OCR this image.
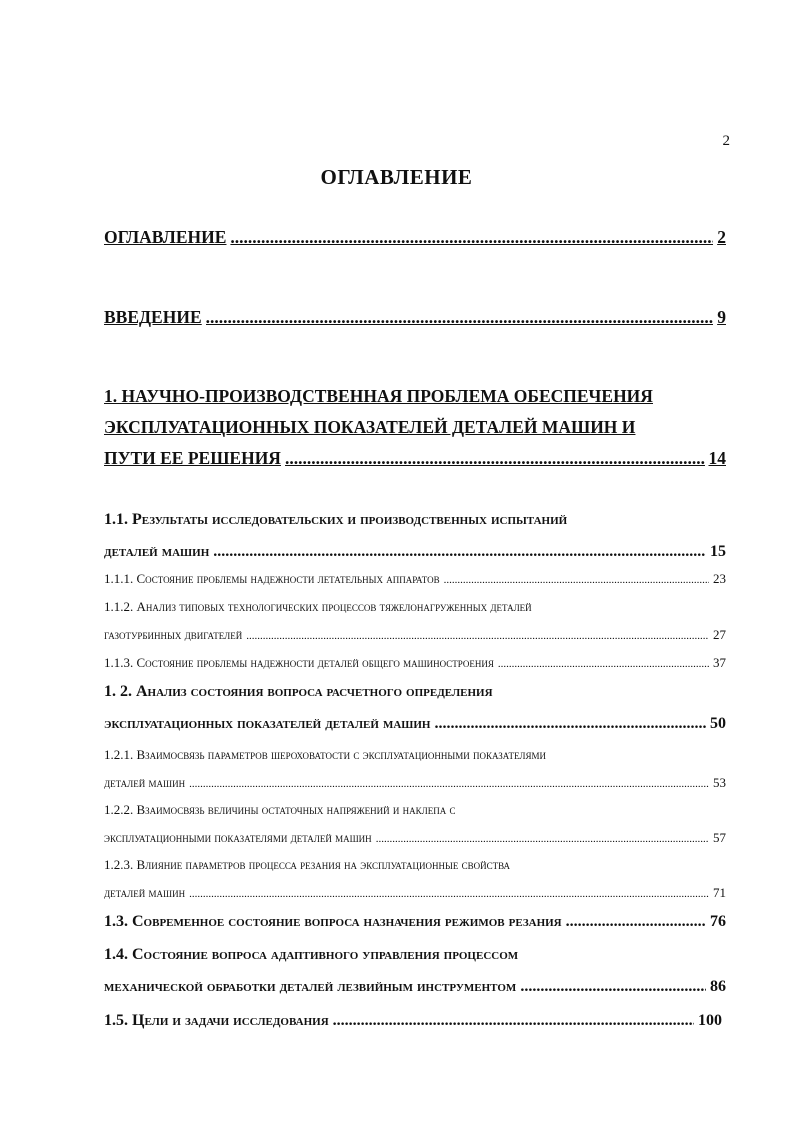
2
ОГЛАВЛЕНИЕ
ОГЛАВЛЕНИЕ .....	2
ВВЕДЕНИЕ .....	9
1. НАУЧНО-ПРОИЗВОДСТВЕННАЯ ПРОБЛЕМА ОБЕСПЕЧЕНИЯ
ЭКСПЛУАТАЦИОННЫХ ПОКАЗАТЕЛЕЙ ДЕТАЛЕЙ МАШИН И
ПУТИ ЕЕ РЕШЕНИЯ .....	14
1.1. Результаты исследовательских и производственных испытаний
деталей машин .....	15
1.1.1. Состояние проблемы надежности летательных аппаратов .....	23
1.1.2. Анализ типовых технологических процессов тяжелонагруженных деталей
газотурбинных двигателей .....	27
1.1.3. Состояние проблемы надежности деталей общего машиностроения .....	37
1. 2. Анализ состояния вопроса расчетного определения
эксплуатационных показателей деталей машин .....	50
1.2.1. Взаимосвязь параметров шероховатости с эксплуатационными показателями
деталей машин .....	53
1.2.2. Взаимосвязь величины остаточных напряжений и наклепа с
эксплуатационными показателями деталей машин .....	57
1.2.3. Влияние параметров процесса резания на эксплуатационные свойства
деталей машин .....	71
1.3. Современное состояние вопроса назначения режимов резания .....	76
1.4. Состояние вопроса адаптивного управления процессом
механической обработки деталей лезвийным инструментом .....	86
1.5. Цели и задачи исследования .....	100
